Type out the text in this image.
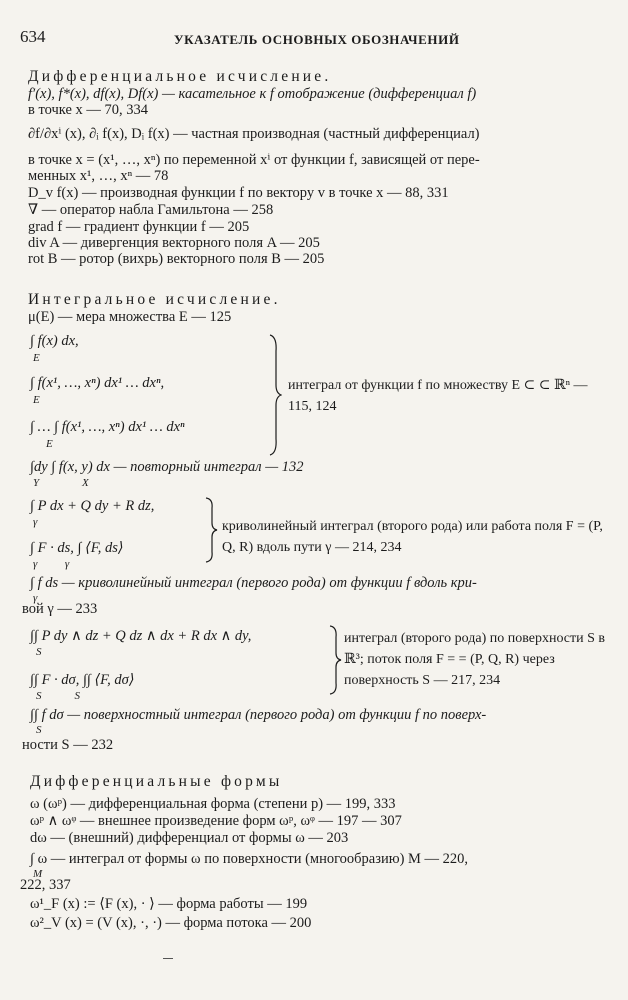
634	УКАЗАТЕЛЬ ОСНОВНЫХ ОБОЗНАЧЕНИЙ
Дифференциальное исчисление.
f′(x), f*(x), df(x), Df(x) — касательное к f отображение (дифференциал f)
в точке x — 70, 334
∂f/∂xⁱ (x), ∂ᵢ f(x), Dᵢ f(x) — частная производная (частный дифференциал)
в точке x = (x¹, …, xⁿ) по переменной xⁱ от функции f, зависящей от пере-
менных x¹, …, xⁿ — 78
D_v f(x) — производная функции f по вектору v в точке x — 88, 331
∇ — оператор набла Гамильтона — 258
grad f — градиент функции f — 205
div A — дивергенция векторного поля A — 205
rot B — ротор (вихрь) векторного поля B — 205
Интегральное исчисление.
μ(E) — мера множества E — 125
∫ f(x) dx,
E
∫ f(x¹, …, xⁿ) dx¹ … dxⁿ,
E
∫ … ∫ f(x¹, …, xⁿ) dx¹ … dxⁿ
E
интеграл от функции f по множеству E ⊂ ⊂ ℝⁿ — 115, 124
∫dy ∫ f(x, y) dx — повторный интеграл — 132
Y	X
∫ P dx + Q dy + R dz,
γ
∫ F · ds, ∫ ⟨F, ds⟩
γ          γ
криволинейный интеграл (второго рода) или работа поля F = (P, Q, R) вдоль пути γ — 214, 234
∫ f ds — криволинейный интеграл (первого рода) от функции f вдоль кри-
γ
вой γ — 233
∫∫ P dy ∧ dz + Q dz ∧ dx + R dx ∧ dy,
S
∫∫ F · dσ, ∫∫ ⟨F, dσ⟩
S            S
интеграл (второго рода) по поверхности S в ℝ³; поток поля F = = (P, Q, R) через поверхность S — 217, 234
∫∫ f dσ — поверхностный интеграл (первого рода) от функции f по поверх-
S
ности S — 232
Дифференциальные формы
ω (ωᵖ) — дифференциальная форма (степени p) — 199, 333
ωᵖ ∧ ωᵠ — внешнее произведение форм ωᵖ, ωᵠ — 197 — 307
dω — (внешний) дифференциал от формы ω — 203
∫ ω — интеграл от формы ω по поверхности (многообразию) M — 220,
M
222, 337
ω¹_F (x) := ⟨F (x), · ⟩ — форма работы — 199
ω²_V (x) = (V (x), ·, ·) — форма потока — 200
